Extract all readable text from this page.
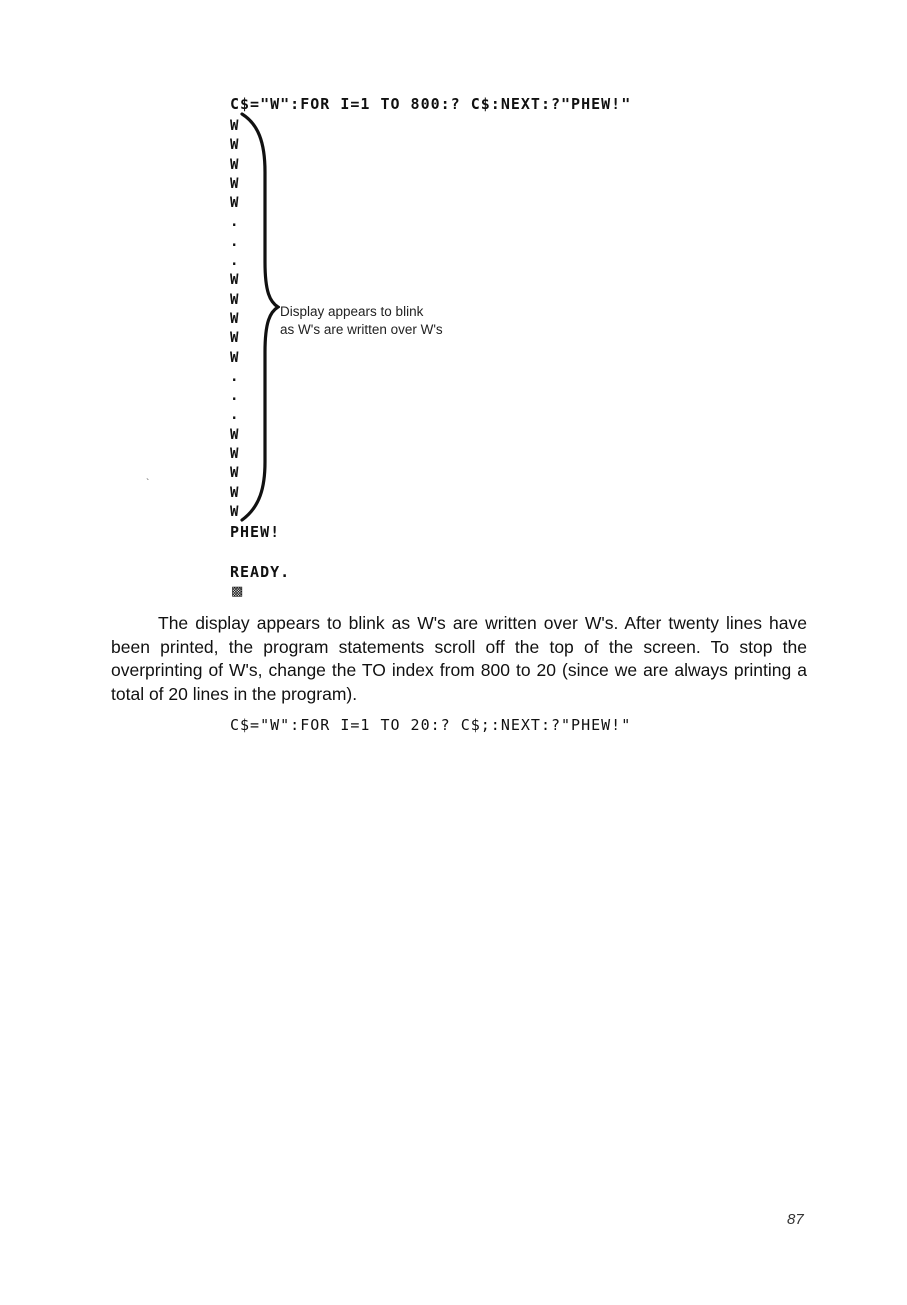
C$="W":FOR I=1 TO 800:? C$:NEXT:?"PHEW!"
W
W
W
W
W
.
.
.
W
W
W
W
W
.
.
.
W
W
W
W
W
Display appears to blink
as W's are written over W's
PHEW!
READY.
▩
`

The display appears to blink as W's are written over W's. After twenty lines have been printed, the program statements scroll off the top of the screen. To stop the overprinting of W's, change the TO index from 800 to 20 (since we are always printing a total of 20 lines in the program).

C$="W":FOR I=1 TO 20:? C$;:NEXT:?"PHEW!"
87
